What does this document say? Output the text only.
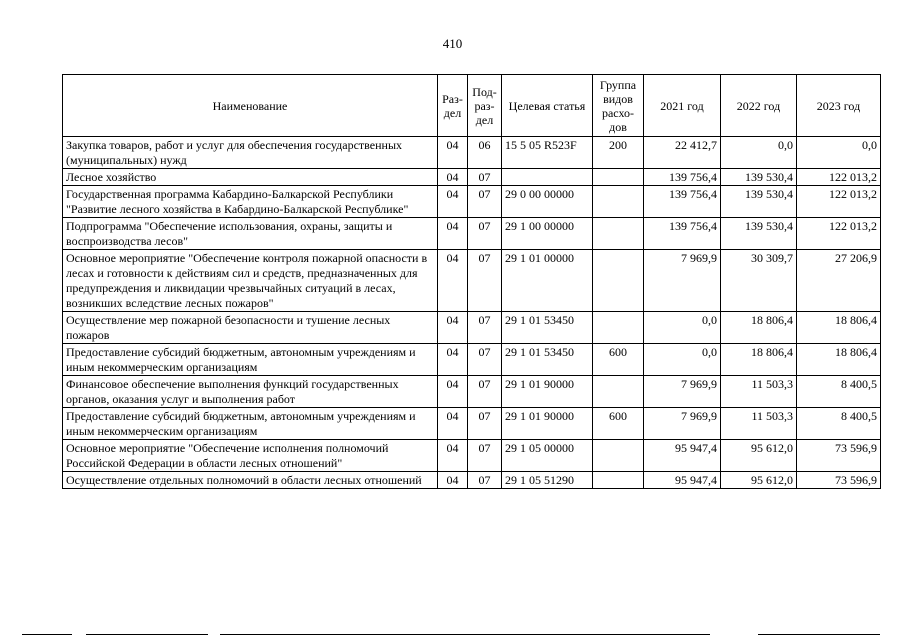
410
Наименование	Раз-дел	Под-раз-дел	Целевая статья	Группа видов расхо-дов	2021 год	2022 год	2023 год
Закупка товаров, работ и услуг для обеспечения государственных (муниципальных) нужд	04	06	15 5 05 R523F	200	22 412,7	0,0	0,0
Лесное хозяйство	04	07			139 756,4	139 530,4	122 013,2
Государственная программа Кабардино-Балкарской Республики "Развитие лесного хозяйства в Кабардино-Балкарской Республике"	04	07	29 0 00 00000		139 756,4	139 530,4	122 013,2
Подпрограмма "Обеспечение использования, охраны, защиты и воспроизводства лесов"	04	07	29 1 00 00000		139 756,4	139 530,4	122 013,2
Основное мероприятие "Обеспечение контроля пожарной опасности в лесах и готовности к действиям сил и средств, предназначенных для предупреждения и ликвидации чрезвычайных ситуаций в лесах, возникших вследствие лесных пожаров"	04	07	29 1 01 00000		7 969,9	30 309,7	27 206,9
Осуществление мер пожарной безопасности и тушение лесных пожаров	04	07	29 1 01 53450		0,0	18 806,4	18 806,4
Предоставление субсидий бюджетным, автономным учреждениям и иным некоммерческим организациям	04	07	29 1 01 53450	600	0,0	18 806,4	18 806,4
Финансовое обеспечение выполнения функций государственных органов, оказания услуг и выполнения работ	04	07	29 1 01 90000		7 969,9	11 503,3	8 400,5
Предоставление субсидий бюджетным, автономным учреждениям и иным некоммерческим организациям	04	07	29 1 01 90000	600	7 969,9	11 503,3	8 400,5
Основное мероприятие "Обеспечение исполнения полномочий Российской Федерации в области лесных отношений"	04	07	29 1 05 00000		95 947,4	95 612,0	73 596,9
Осуществление отдельных полномочий в области лесных отношений	04	07	29 1 05 51290		95 947,4	95 612,0	73 596,9
